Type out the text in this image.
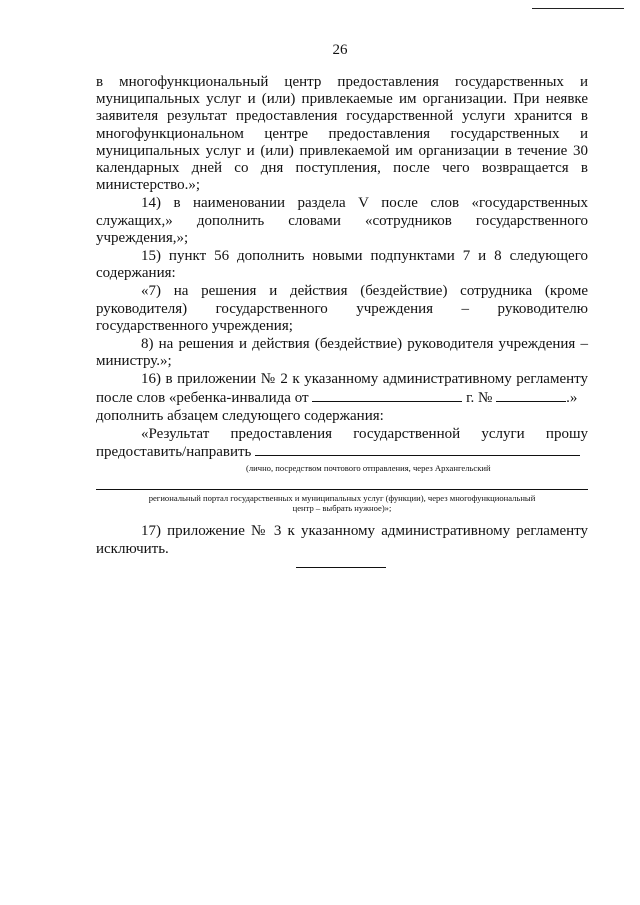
26

в многофункциональный центр предоставления государственных и муниципальных услуг и (или) привлекаемые им организации. При неявке заявителя результат предоставления государственной услуги хранится в многофункциональном центре предоставления государственных и муниципальных услуг и (или) привлекаемой им организации в течение 30 календарных дней со дня поступления, после чего возвращается в министерство.»;

14) в наименовании раздела V после слов «государственных служащих,» дополнить словами «сотрудников государственного учреждения,»;

15) пункт 56 дополнить новыми подпунктами 7 и 8 следующего содержания:

«7) на решения и действия (бездействие) сотрудника (кроме руководителя) государственного учреждения – руководителю государственного учреждения;

8) на решения и действия (бездействие) руководителя учреждения – министру.»;

16) в приложении № 2 к указанному административному регламенту после слов «ребенка-инвалида от	г. №	.»

дополнить абзацем следующего содержания:

«Результат предоставления государственной услуги прошу предоставить/направить

(лично, посредством почтового отправления, через Архангельский
региональный портал государственных и муниципальных услуг (функции), через многофункциональный
центр – выбрать нужное)»;

17) приложение № 3 к указанному административному регламенту исключить.
